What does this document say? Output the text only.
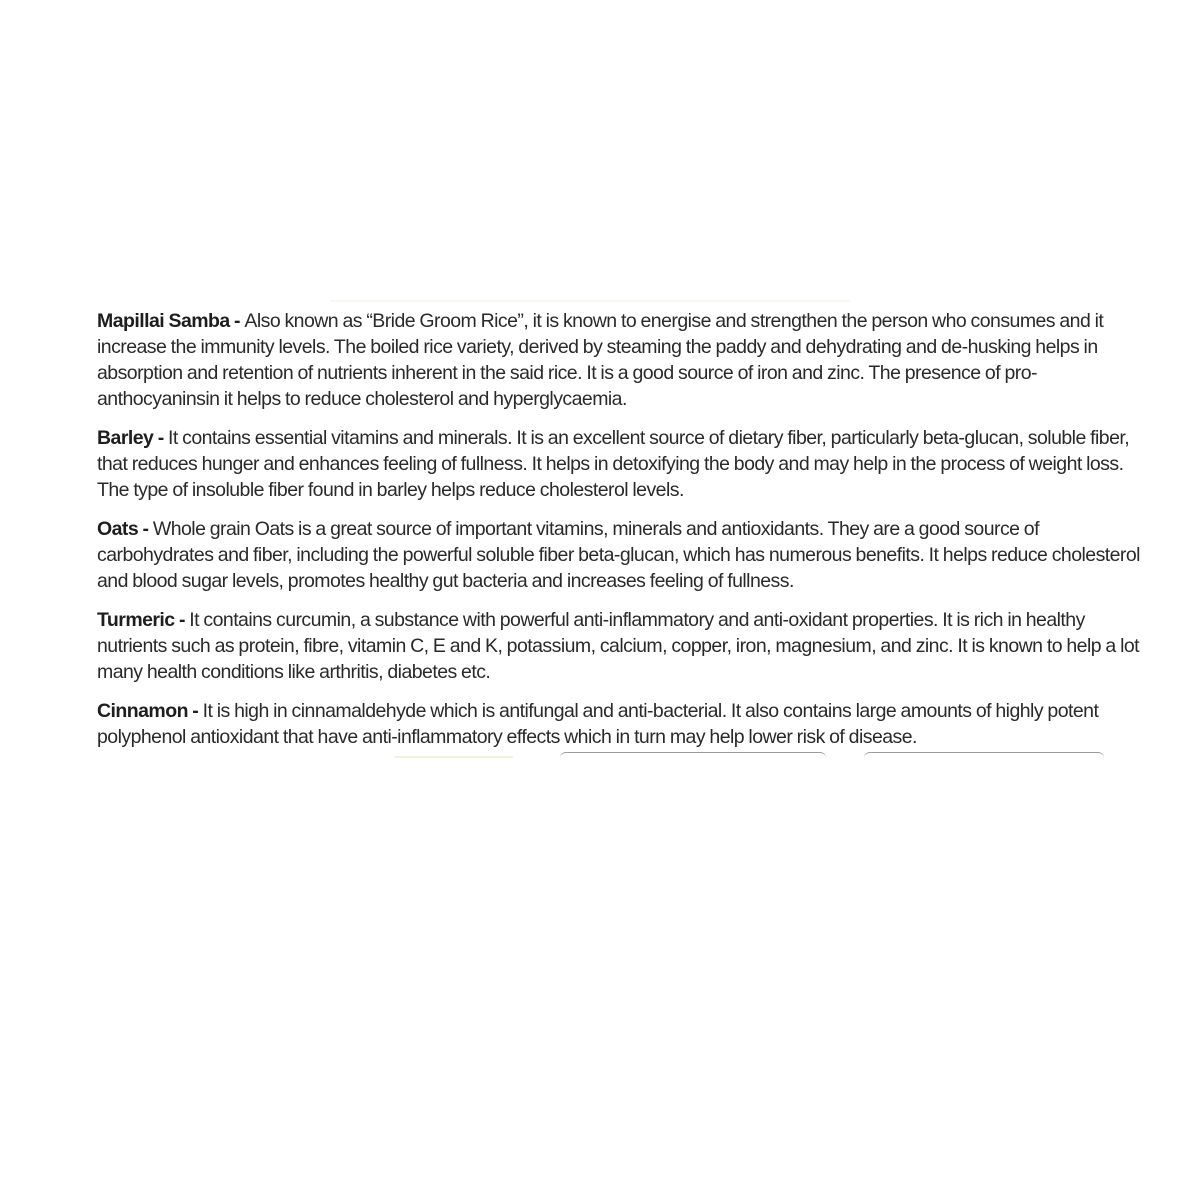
Mapillai Samba - Also known as “Bride Groom Rice”, it is known to energise and strengthen the person who consumes and it increase the immunity levels. The boiled rice variety, derived by steaming the paddy and dehydrating and de-husking helps in absorption and retention of nutrients inherent in the said rice. It is a good source of iron and zinc. The presence of pro-anthocyaninsin it helps to reduce cholesterol and hyperglycaemia.

Barley - It contains essential vitamins and minerals. It is an excellent source of dietary fiber, particularly beta-glucan, soluble fiber, that reduces hunger and enhances feeling of fullness. It helps in detoxifying the body and may help in the process of weight loss. The type of insoluble fiber found in barley helps reduce cholesterol levels.

Oats - Whole grain Oats is a great source of important vitamins, minerals and antioxidants. They are a good source of carbohydrates and fiber, including the powerful soluble fiber beta-glucan, which has numerous benefits. It helps reduce cholesterol and blood sugar levels, promotes healthy gut bacteria and increases feeling of fullness.

Turmeric - It contains curcumin, a substance with powerful anti-inflammatory and anti-oxidant properties. It is rich in healthy nutrients such as protein, fibre, vitamin C, E and K, potassium, calcium, copper, iron, magnesium, and zinc. It is known to help a lot many health conditions like arthritis, diabetes etc.

Cinnamon - It is high in cinnamaldehyde which is antifungal and anti-bacterial. It also contains large amounts of highly potent polyphenol antioxidant that have anti-inflammatory effects which in turn may help lower risk of disease.
